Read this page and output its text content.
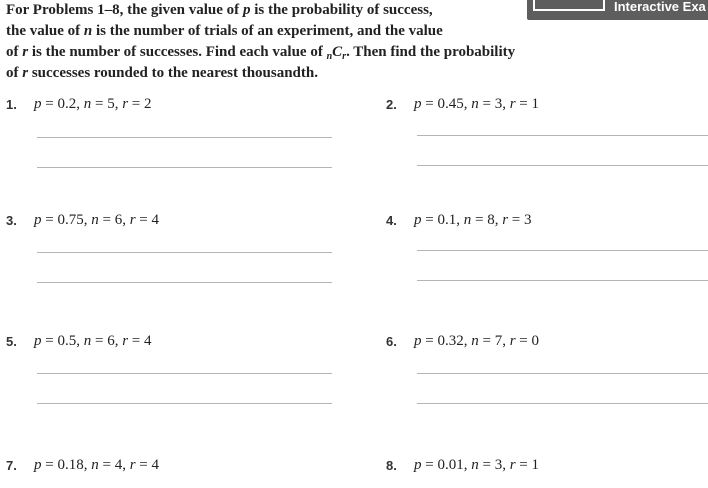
For Problems 1–8, the given value of p is the probability of success,
the value of n is the number of trials of an experiment, and the value
of r is the number of successes. Find each value of $_nC_r$. Then find the probability
of r successes rounded to the nearest thousandth.
Interactive Exa
1. p = 0.2, n = 5, r = 2	2. p = 0.45, n = 3, r = 1
3. p = 0.75, n = 6, r = 4	4. p = 0.1, n = 8, r = 3
5. p = 0.5, n = 6, r = 4	6. p = 0.32, n = 7, r = 0
7. p = 0.18, n = 4, r = 4	8. p = 0.01, n = 3, r = 1
